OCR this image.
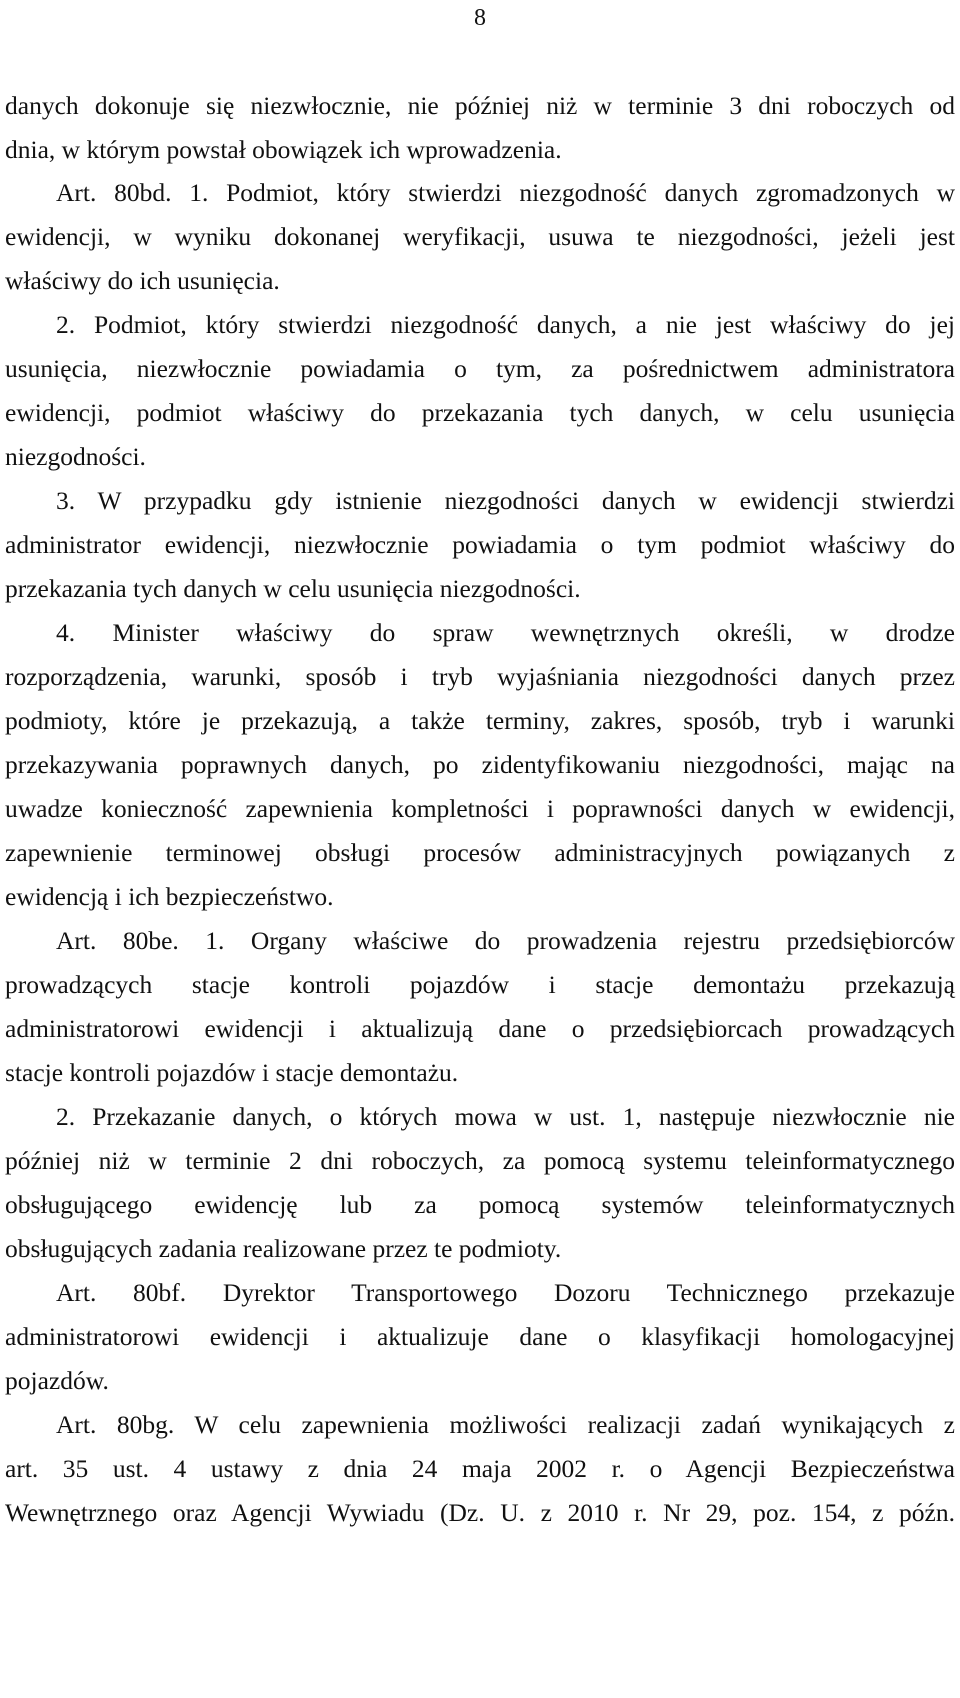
8
danych dokonuje się niezwłocznie, nie później niż w terminie 3 dni roboczych od
dnia, w którym powstał obowiązek ich wprowadzenia.
Art. 80bd. 1. Podmiot, który stwierdzi niezgodność danych zgromadzonych w
ewidencji, w wyniku dokonanej weryfikacji, usuwa te niezgodności, jeżeli jest
właściwy do ich usunięcia.
2. Podmiot, który stwierdzi niezgodność danych, a nie jest właściwy do jej
usunięcia, niezwłocznie powiadamia o tym, za pośrednictwem administratora
ewidencji, podmiot właściwy do przekazania tych danych, w celu usunięcia
niezgodności.
3. W przypadku gdy istnienie niezgodności danych w ewidencji stwierdzi
administrator ewidencji, niezwłocznie powiadamia o tym podmiot właściwy do
przekazania tych danych w celu usunięcia niezgodności.
4. Minister właściwy do spraw wewnętrznych określi, w drodze
rozporządzenia, warunki, sposób i tryb wyjaśniania niezgodności danych przez
podmioty, które je przekazują, a także terminy, zakres, sposób, tryb i warunki
przekazywania poprawnych danych, po zidentyfikowaniu niezgodności, mając na
uwadze konieczność zapewnienia kompletności i poprawności danych w ewidencji,
zapewnienie terminowej obsługi procesów administracyjnych powiązanych z
ewidencją i ich bezpieczeństwo.
Art. 80be. 1. Organy właściwe do prowadzenia rejestru przedsiębiorców
prowadzących stacje kontroli pojazdów i stacje demontażu przekazują
administratorowi ewidencji i aktualizują dane o przedsiębiorcach prowadzących
stacje kontroli pojazdów i stacje demontażu.
2. Przekazanie danych, o których mowa w ust. 1, następuje niezwłocznie nie
później niż w terminie 2 dni roboczych, za pomocą systemu teleinformatycznego
obsługującego ewidencję lub za pomocą systemów teleinformatycznych
obsługujących zadania realizowane przez te podmioty.
Art. 80bf. Dyrektor Transportowego Dozoru Technicznego przekazuje
administratorowi ewidencji i aktualizuje dane o klasyfikacji homologacyjnej
pojazdów.
Art. 80bg. W celu zapewnienia możliwości realizacji zadań wynikających z
art. 35 ust. 4 ustawy z dnia 24 maja 2002 r. o Agencji Bezpieczeństwa
Wewnętrznego oraz Agencji Wywiadu (Dz. U. z 2010 r. Nr 29, poz. 154, z późn.
